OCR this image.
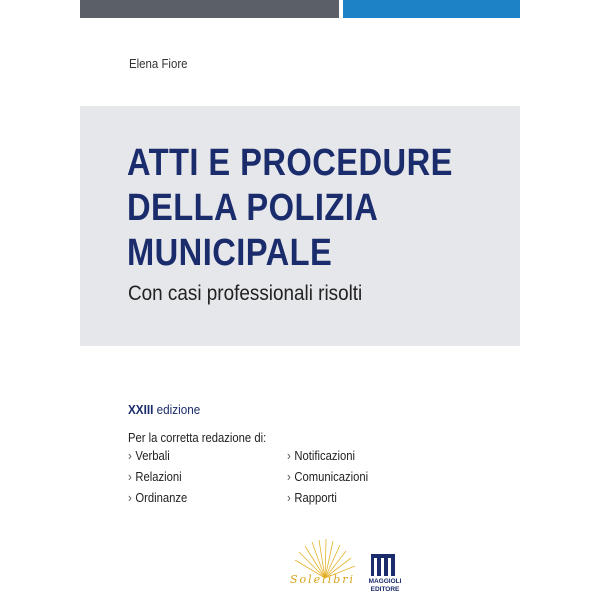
Elena Fiore
ATTI E PROCEDURE
DELLA POLIZIA
MUNICIPALE
Con casi professionali risolti
XXIII edizione
Per la corretta redazione di:
› Verbali
› Relazioni
› Ordinanze
› Notificazioni
› Comunicazioni
› Rapporti
Solelibri	MAGGIOLI
EDITORE
